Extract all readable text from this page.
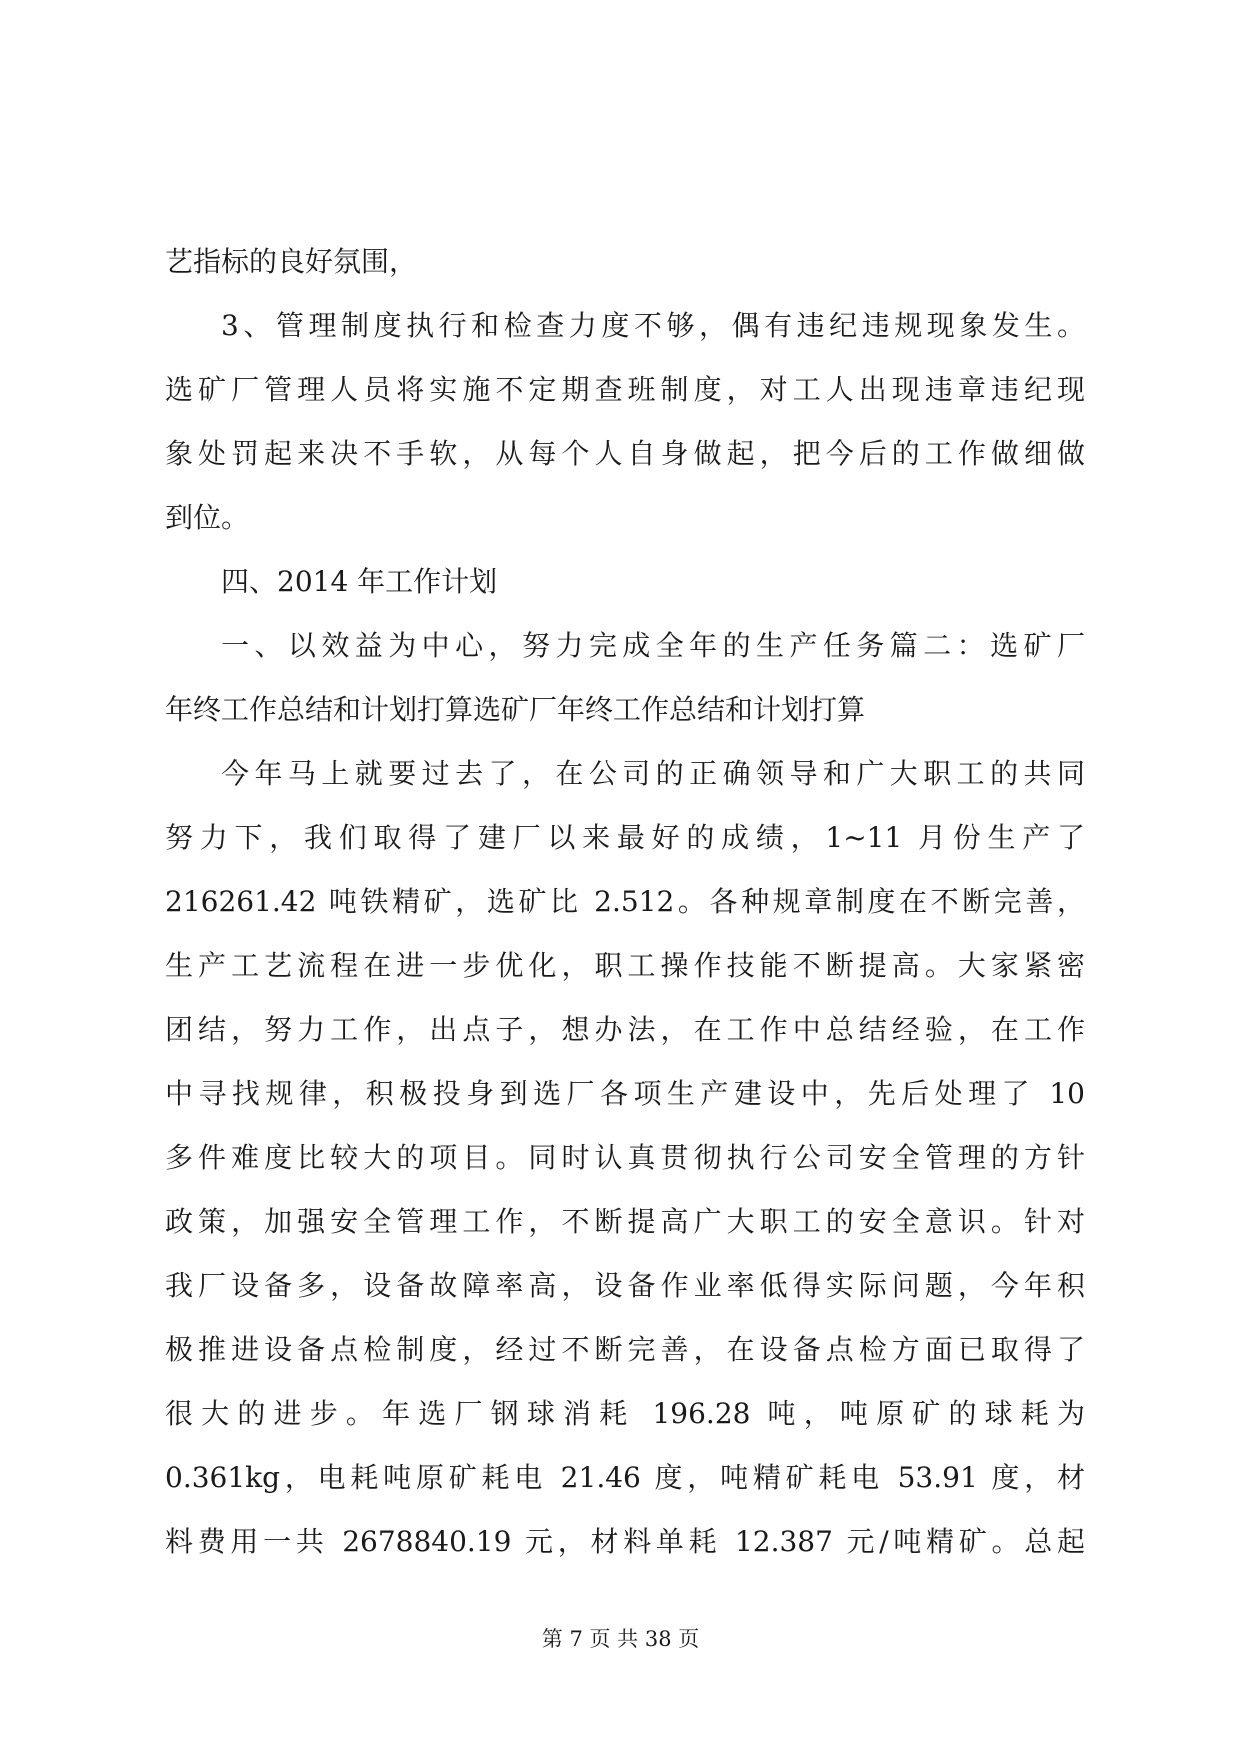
艺指标的良好氛围，
3、管理制度执行和检查力度不够，偶有违纪违规现象发生。
选矿厂管理人员将实施不定期查班制度，对工人出现违章违纪现
象处罚起来决不手软，从每个人自身做起，把今后的工作做细做
到位。
四、2014 年工作计划
一、以效益为中心，努力完成全年的生产任务篇二：选矿厂
年终工作总结和计划打算选矿厂年终工作总结和计划打算
今年马上就要过去了，在公司的正确领导和广大职工的共同
努力下，我们取得了建厂以来最好的成绩，1~11 月份生产了
216261.42 吨铁精矿，选矿比 2.512。各种规章制度在不断完善，
生产工艺流程在进一步优化，职工操作技能不断提高。大家紧密
团结，努力工作，出点子，想办法，在工作中总结经验，在工作
中寻找规律，积极投身到选厂各项生产建设中，先后处理了 10
多件难度比较大的项目。同时认真贯彻执行公司安全管理的方针
政策，加强安全管理工作，不断提高广大职工的安全意识。针对
我厂设备多，设备故障率高，设备作业率低得实际问题，今年积
极推进设备点检制度，经过不断完善，在设备点检方面已取得了
很大的进步。年选厂钢球消耗 196.28 吨，吨原矿的球耗为
0.361kg，电耗吨原矿耗电 21.46 度，吨精矿耗电 53.91 度，材
料费用一共 2678840.19 元，材料单耗 12.387 元/吨精矿。总起
第 7 页 共 38 页
